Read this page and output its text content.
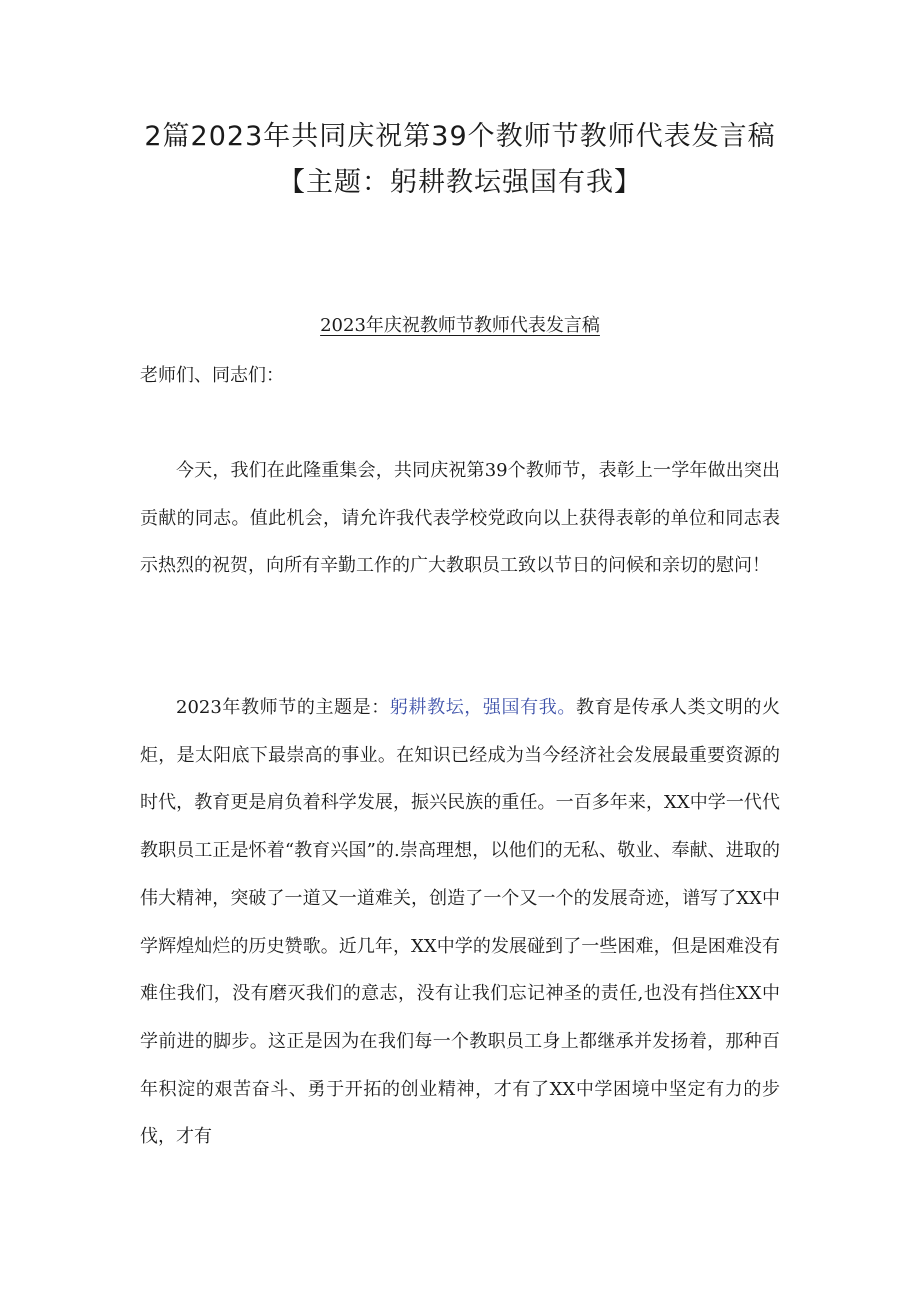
2篇2023年共同庆祝第39个教师节教师代表发言稿
【主题：躬耕教坛强国有我】
2023年庆祝教师节教师代表发言稿
老师们、同志们：

今天，我们在此隆重集会，共同庆祝第39个教师节，表彰上一学年做出突出贡献的同志。值此机会，请允许我代表学校党政向以上获得表彰的单位和同志表示热烈的祝贺，向所有辛勤工作的广大教职员工致以节日的问候和亲切的慰问！

2023年教师节的主题是：躬耕教坛，强国有我。教育是传承人类文明的火炬，是太阳底下最崇高的事业。在知识已经成为当今经济社会发展最重要资源的时代，教育更是肩负着科学发展，振兴民族的重任。一百多年来，XX中学一代代教职员工正是怀着“教育兴国”的.崇高理想，以他们的无私、敬业、奉献、进取的伟大精神，突破了一道又一道难关，创造了一个又一个的发展奇迹，谱写了XX中学辉煌灿烂的历史赞歌。近几年，XX中学的发展碰到了一些困难，但是困难没有难住我们，没有磨灭我们的意志，没有让我们忘记神圣的责任,也没有挡住XX中学前进的脚步。这正是因为在我们每一个教职员工身上都继承并发扬着，那种百年积淀的艰苦奋斗、勇于开拓的创业精神，才有了XX中学困境中坚定有力的步伐，才有
